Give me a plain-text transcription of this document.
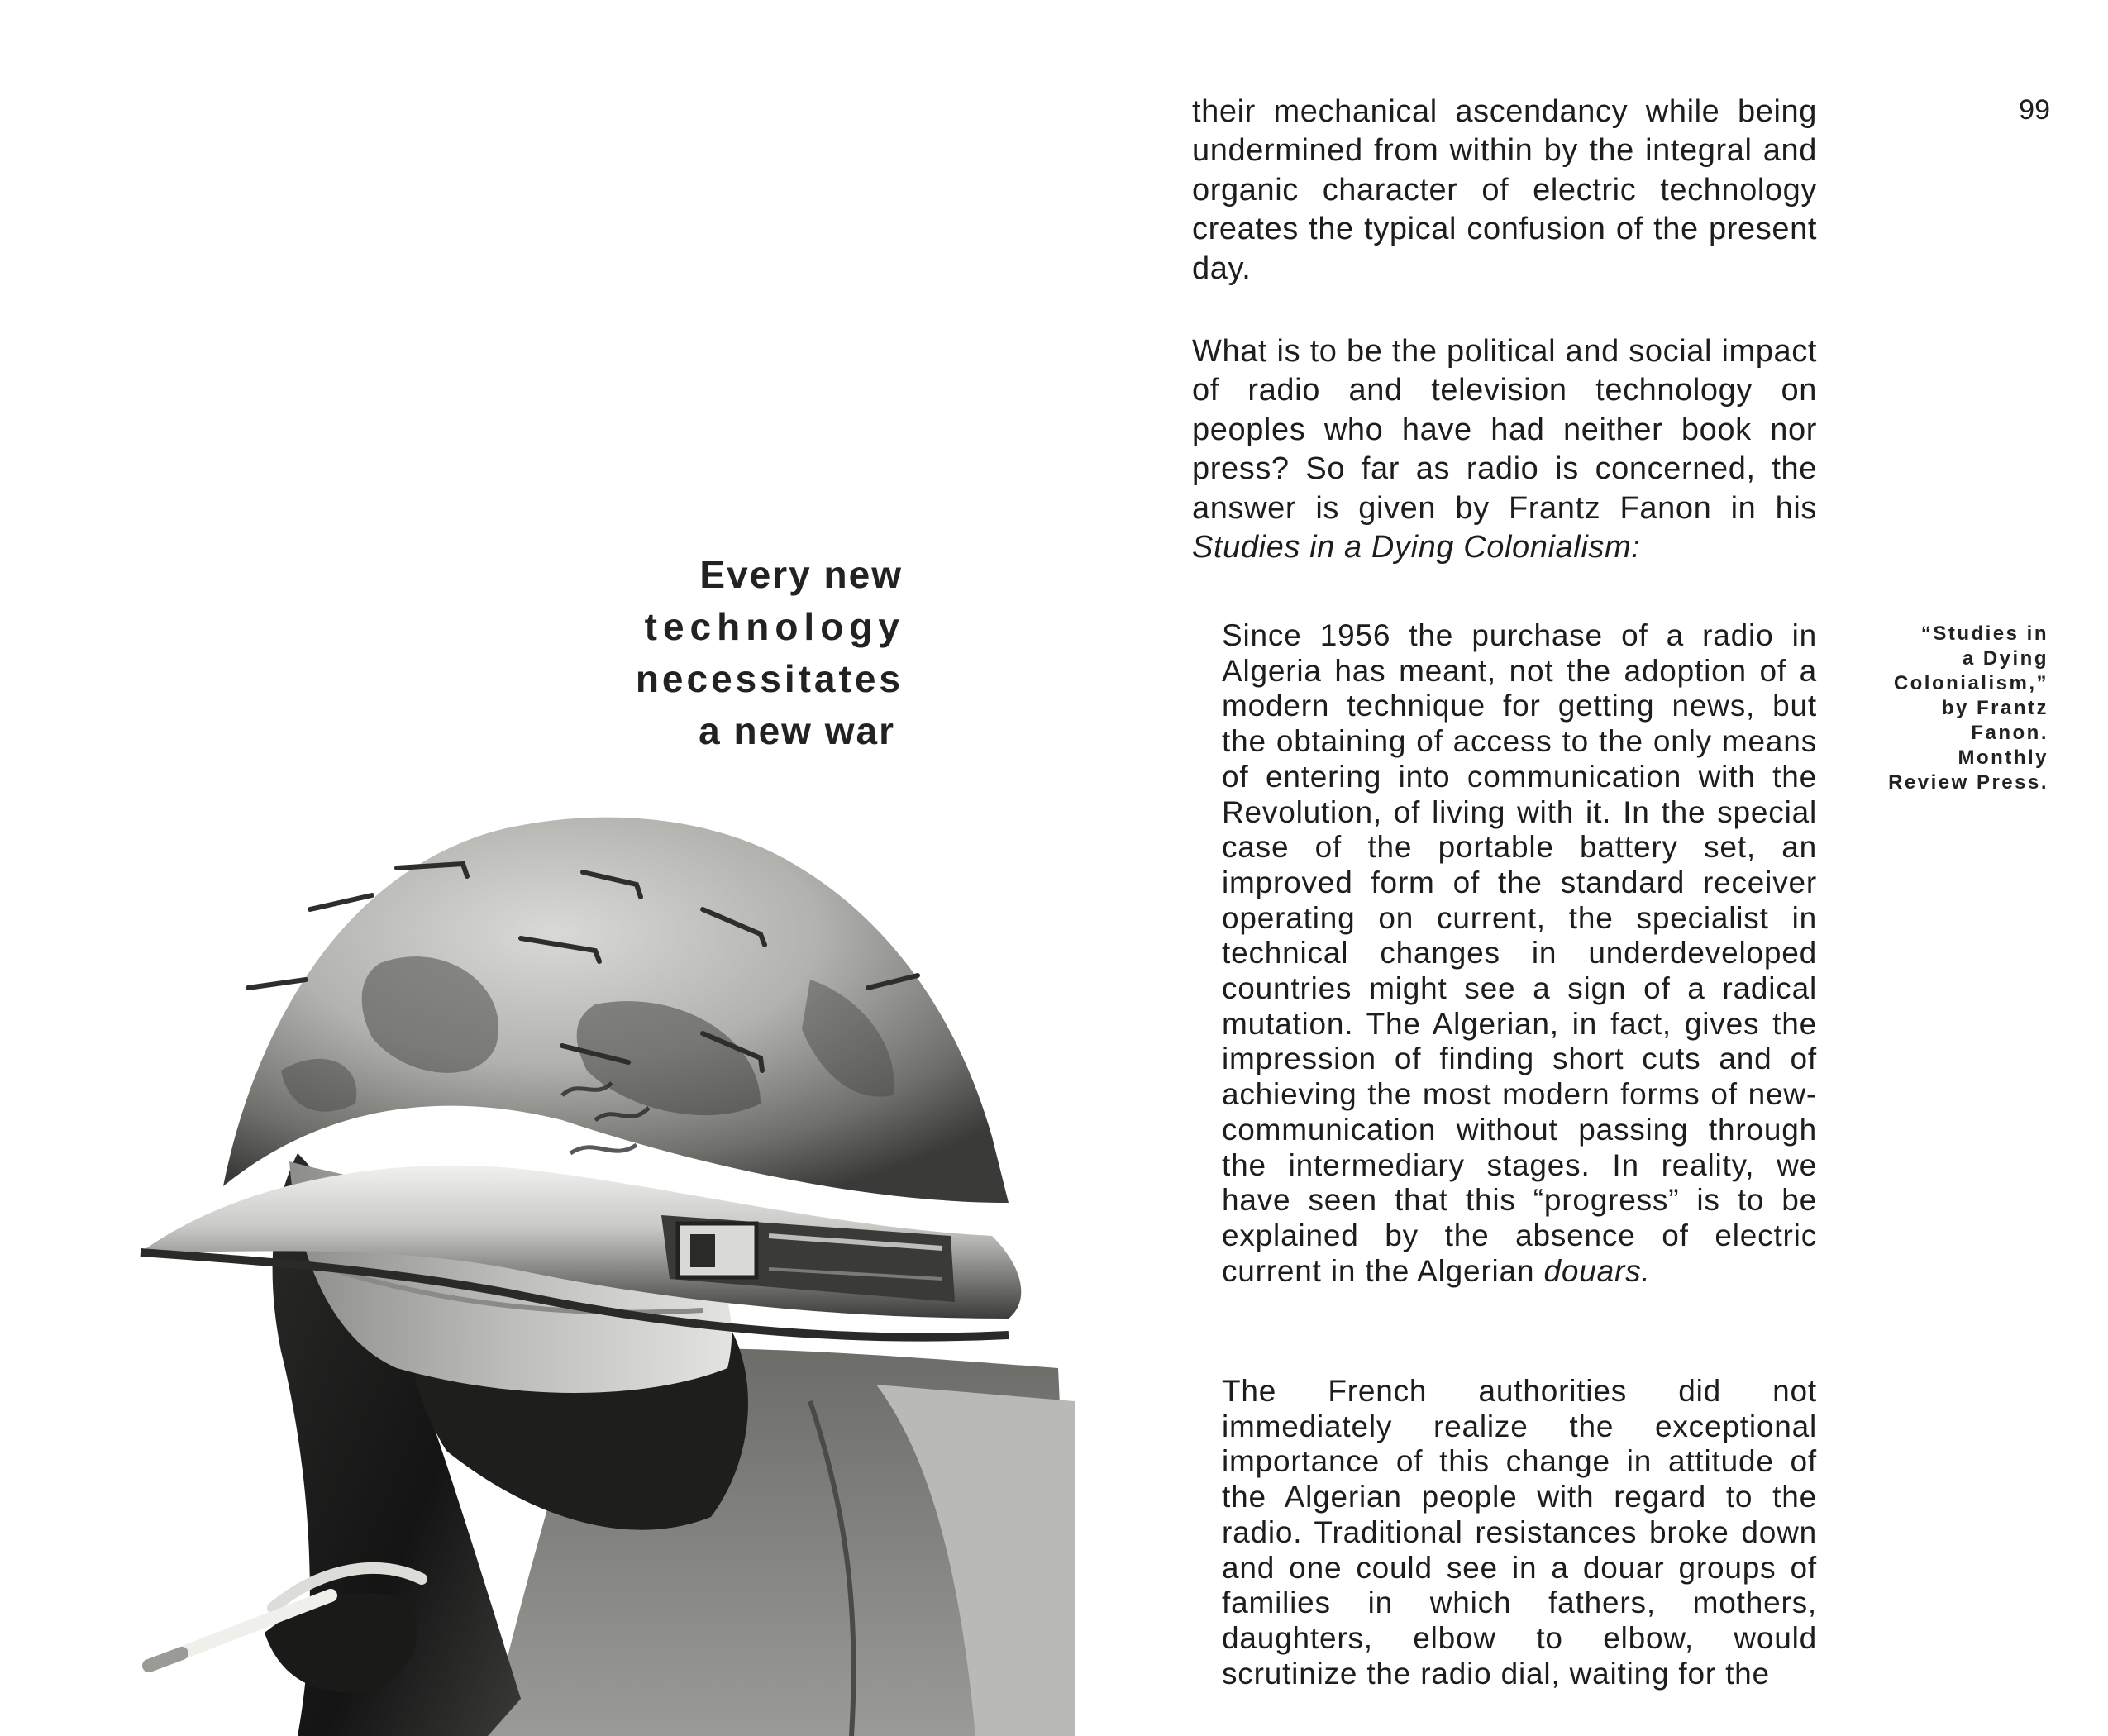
Every new
technology
necessitates
a new war

their mechanical ascendancy while being undermined from within by the integral and organic character of electric technology creates the typical confusion of the present day.

What is to be the political and social impact of radio and television technology on peoples who have had neither book nor press? So far as radio is concerned, the answer is given by Frantz Fanon in his Studies in a Dying Colonialism:

Since 1956 the purchase of a radio in Algeria has meant, not the adoption of a modern technique for getting news, but the obtaining of access to the only means of entering into communication with the Revolution, of living with it. In the special case of the portable battery set, an improved form of the standard receiver operating on current, the specialist in technical changes in underdeveloped countries might see a sign of a radical mutation. The Algerian, in fact, gives the impression of finding short cuts and of achieving the most modern forms of new-communication without passing through the intermediary stages. In reality, we have seen that this “progress” is to be explained by the absence of electric current in the Algerian douars.

The French authorities did not immediately realize the exceptional importance of this change in attitude of the Algerian people with regard to the radio. Traditional resistances broke down and one could see in a douar groups of families in which fathers, mothers, daughters, elbow to elbow, would scrutinize the radio dial, waiting for the

99
“Studies in
a Dying
Colonialism,”
by Frantz
Fanon.
Monthly
Review Press.
